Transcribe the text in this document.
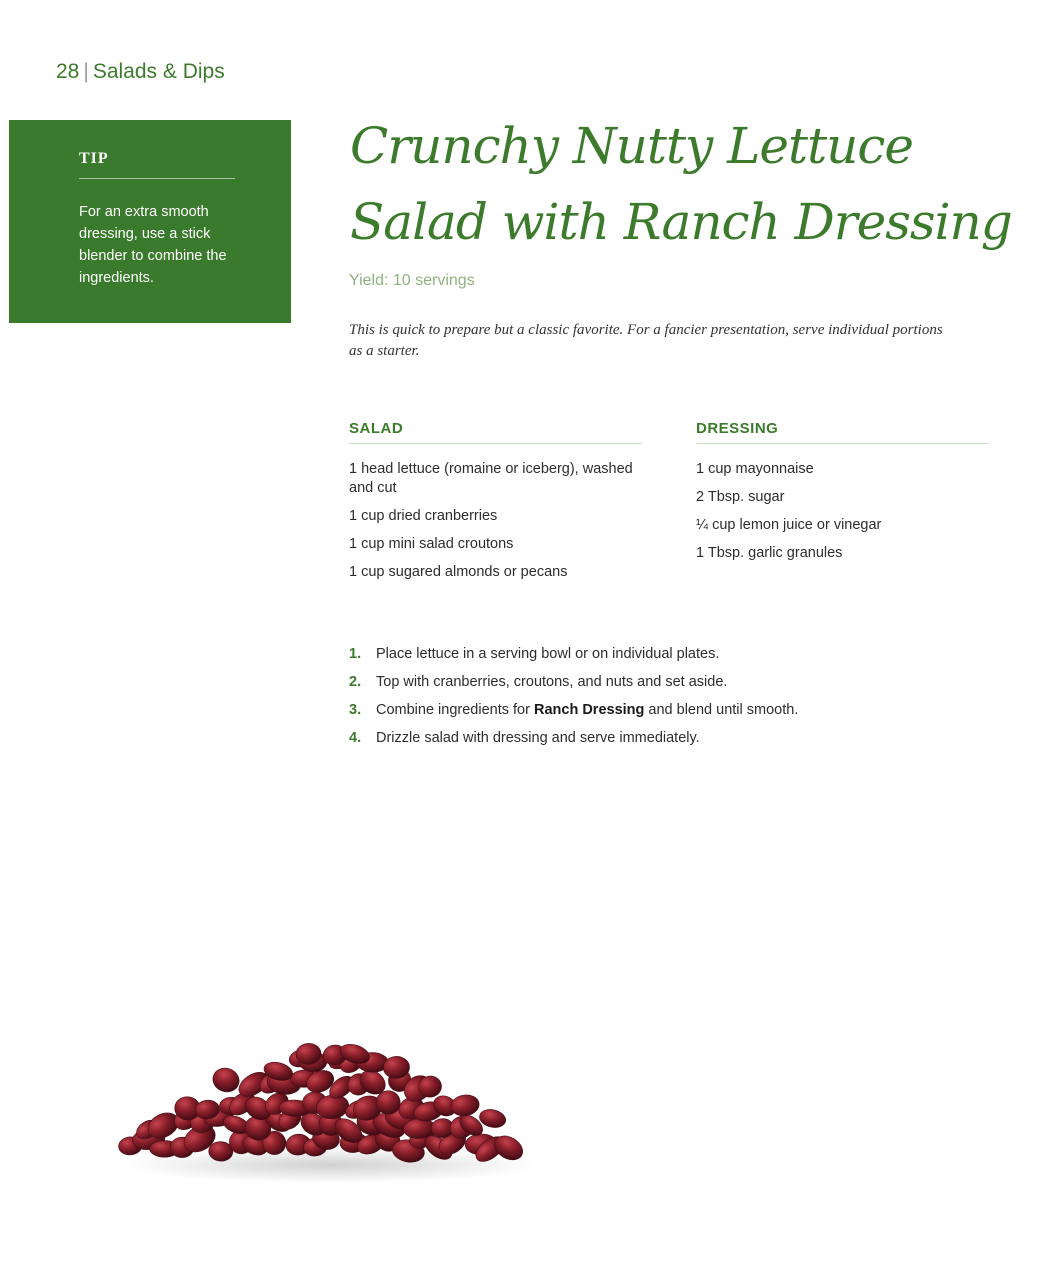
28 | Salads & Dips
TIP
For an extra smooth dressing, use a stick blender to combine the ingredients.
Crunchy Nutty Lettuce
Salad with Ranch Dressing
Yield: 10 servings
This is quick to prepare but a classic favorite. For a fancier presentation, serve individual portions as a starter.
SALAD
1 head lettuce (romaine or iceberg), washed and cut
1 cup dried cranberries
1 cup mini salad croutons
1 cup sugared almonds or pecans
DRESSING
1 cup mayonnaise
2 Tbsp. sugar
¼ cup lemon juice or vinegar
1 Tbsp. garlic granules
1. Place lettuce in a serving bowl or on individual plates.
2. Top with cranberries, croutons, and nuts and set aside.
3. Combine ingredients for Ranch Dressing and blend until smooth.
4. Drizzle salad with dressing and serve immediately.
